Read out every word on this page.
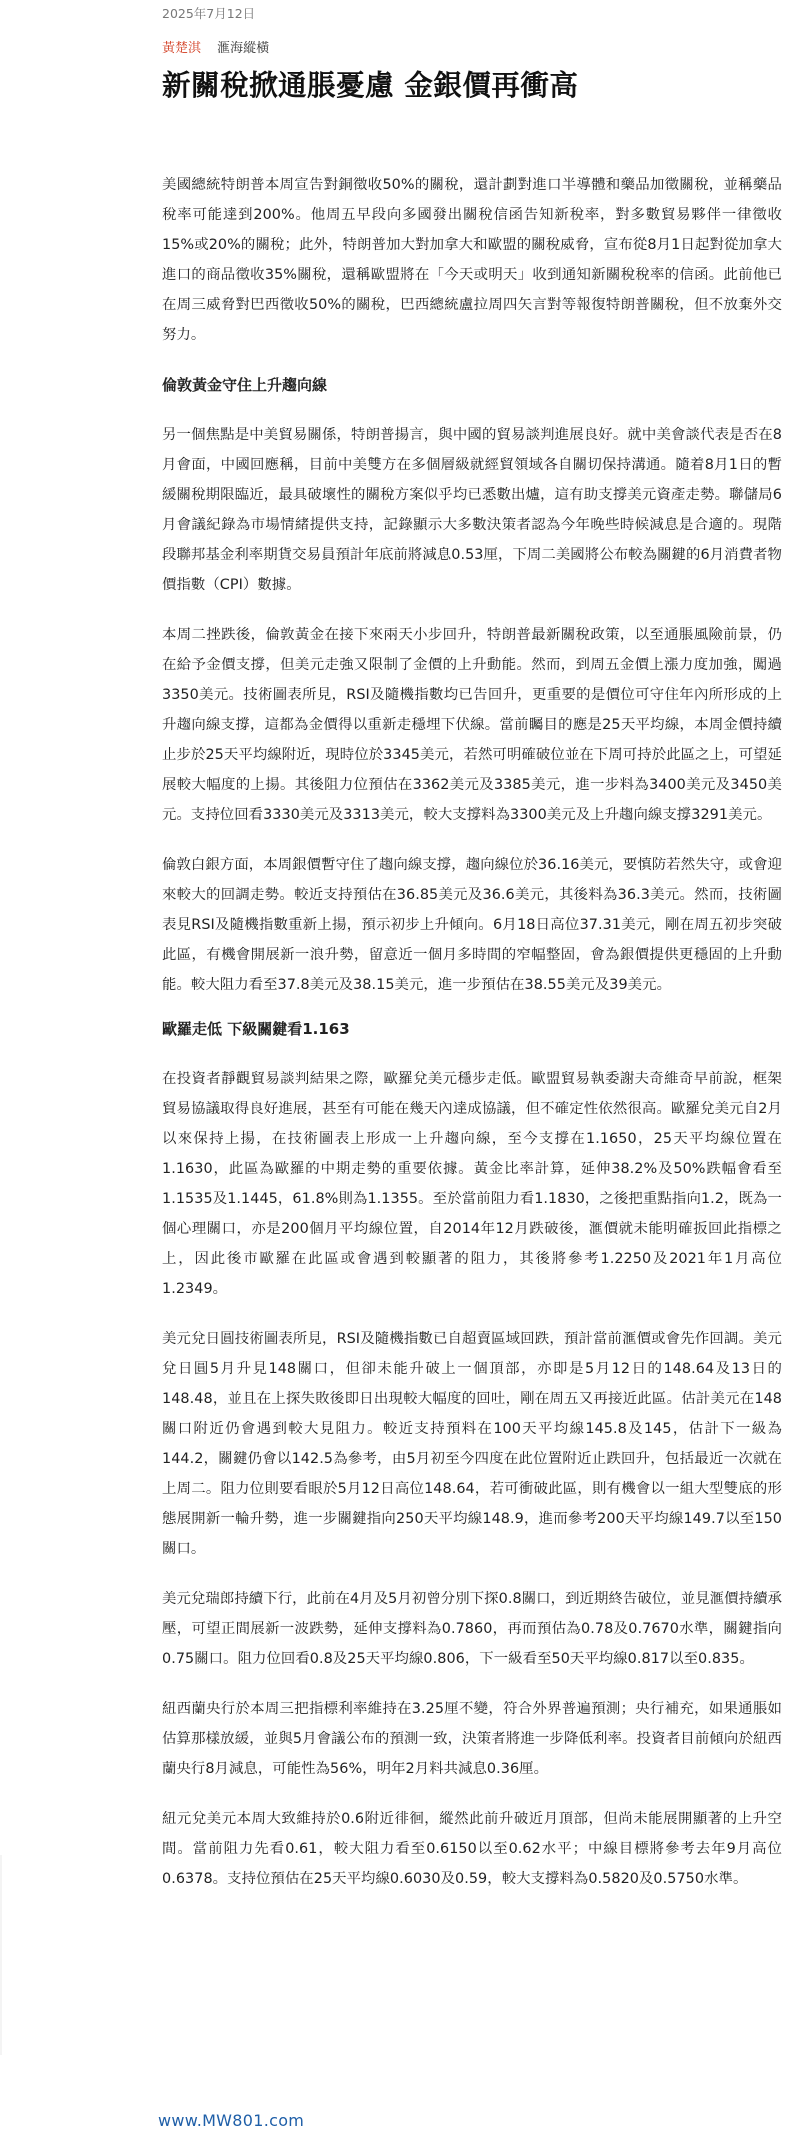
2025年7月12日
黃楚淇 滙海縱橫
新關稅掀通脹憂慮 金銀價再衝高

美國總統特朗普本周宣告對銅徵收50%的關稅，還計劃對進口半導體和藥品加徵關稅，並稱藥品稅率可能達到200%。他周五早段向多國發出關稅信函告知新稅率，對多數貿易夥伴一律徵收15%或20%的關稅；此外，特朗普加大對加拿大和歐盟的關稅威脅，宣布從8月1日起對從加拿大進口的商品徵收35%關稅，還稱歐盟將在「今天或明天」收到通知新關稅稅率的信函。此前他已在周三威脅對巴西徵收50%的關稅，巴西總統盧拉周四矢言對等報復特朗普關稅，但不放棄外交努力。

倫敦黃金守住上升趨向線

另一個焦點是中美貿易關係，特朗普揚言，與中國的貿易談判進展良好。就中美會談代表是否在8月會面，中國回應稱，目前中美雙方在多個層級就經貿領域各自關切保持溝通。隨着8月1日的暫緩關稅期限臨近，最具破壞性的關稅方案似乎均已悉數出爐，這有助支撐美元資產走勢。聯儲局6月會議紀錄為市場情緒提供支持，記錄顯示大多數決策者認為今年晚些時候減息是合適的。現階段聯邦基金利率期貨交易員預計年底前將減息0.53厘，下周二美國將公布較為關鍵的6月消費者物價指數（CPI）數據。

本周二挫跌後，倫敦黃金在接下來兩天小步回升，特朗普最新關稅政策，以至通脹風險前景，仍在給予金價支撐，但美元走強又限制了金價的上升動能。然而，到周五金價上漲力度加強，闖過3350美元。技術圖表所見，RSI及隨機指數均已告回升，更重要的是價位可守住年內所形成的上升趨向線支撐，這都為金價得以重新走穩埋下伏線。當前矚目的應是25天平均線，本周金價持續止步於25天平均線附近，現時位於3345美元，若然可明確破位並在下周可持於此區之上，可望延展較大幅度的上揚。其後阻力位預估在3362美元及3385美元，進一步料為3400美元及3450美元。支持位回看3330美元及3313美元，較大支撐料為3300美元及上升趨向線支撐3291美元。

倫敦白銀方面，本周銀價暫守住了趨向線支撐，趨向線位於36.16美元，要慎防若然失守，或會迎來較大的回調走勢。較近支持預估在36.85美元及36.6美元，其後料為36.3美元。然而，技術圖表見RSI及隨機指數重新上揚，預示初步上升傾向。6月18日高位37.31美元，剛在周五初步突破此區，有機會開展新一浪升勢，留意近一個月多時間的窄幅整固，會為銀價提供更穩固的上升動能。較大阻力看至37.8美元及38.15美元，進一步預估在38.55美元及39美元。

歐羅走低 下級關鍵看1.163

在投資者靜觀貿易談判結果之際，歐羅兌美元穩步走低。歐盟貿易執委謝夫奇維奇早前說，框架貿易協議取得良好進展，甚至有可能在幾天內達成協議，但不確定性依然很高。歐羅兌美元自2月以來保持上揚，在技術圖表上形成一上升趨向線，至今支撐在1.1650，25天平均線位置在1.1630，此區為歐羅的中期走勢的重要依據。黃金比率計算，延伸38.2%及50%跌幅會看至1.1535及1.1445，61.8%則為1.1355。至於當前阻力看1.1830，之後把重點指向1.2，既為一個心理關口，亦是200個月平均線位置，自2014年12月跌破後，滙價就未能明確扳回此指標之上，因此後市歐羅在此區或會遇到較顯著的阻力，其後將參考1.2250及2021年1月高位1.2349。

美元兌日圓技術圖表所見，RSI及隨機指數已自超賣區域回跌，預計當前滙價或會先作回調。美元兌日圓5月升見148關口，但卻未能升破上一個頂部，亦即是5月12日的148.64及13日的148.48，並且在上探失敗後即日出現較大幅度的回吐，剛在周五又再接近此區。估計美元在148關口附近仍會遇到較大見阻力。較近支持預料在100天平均線145.8及145，估計下一級為144.2，關鍵仍會以142.5為參考，由5月初至今四度在此位置附近止跌回升，包括最近一次就在上周二。阻力位則要看眼於5月12日高位148.64，若可衝破此區，則有機會以一組大型雙底的形態展開新一輪升勢，進一步關鍵指向250天平均線148.9，進而參考200天平均線149.7以至150關口。

美元兌瑞郎持續下行，此前在4月及5月初曾分別下探0.8關口，到近期終告破位，並見滙價持續承壓，可望正間展新一波跌勢，延伸支撐料為0.7860，再而預估為0.78及0.7670水準，關鍵指向0.75關口。阻力位回看0.8及25天平均線0.806，下一級看至50天平均線0.817以至0.835。

紐西蘭央行於本周三把指標利率維持在3.25厘不變，符合外界普遍預測；央行補充，如果通脹如估算那樣放緩，並與5月會議公布的預測一致，決策者將進一步降低利率。投資者目前傾向於紐西蘭央行8月減息，可能性為56%，明年2月料共減息0.36厘。

紐元兌美元本周大致維持於0.6附近徘徊，縱然此前升破近月頂部，但尚未能展開顯著的上升空間。當前阻力先看0.61，較大阻力看至0.6150以至0.62水平；中線目標將參考去年9月高位0.6378。支持位預估在25天平均線0.6030及0.59，較大支撐料為0.5820及0.5750水準。

www.MW801.com
